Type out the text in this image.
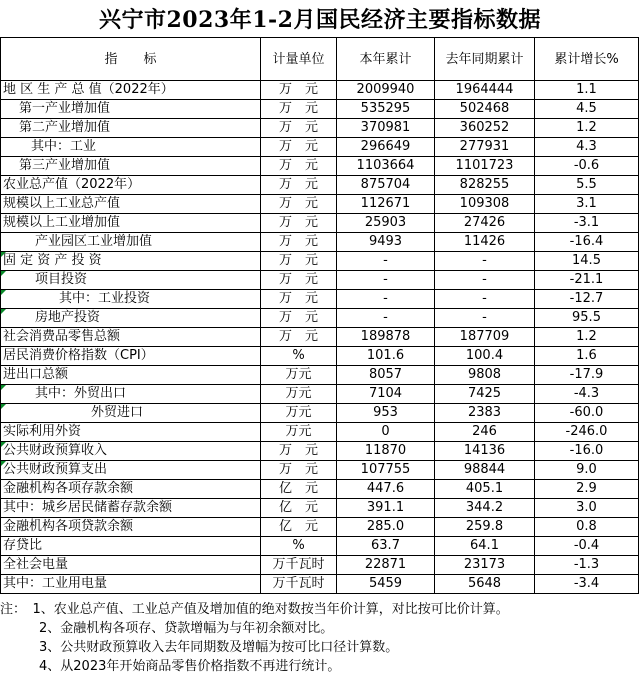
兴宁市2023年1-2月国民经济主要指标数据
指　　标	计量单位	本年累计	去年同期累计	累计增长%
地 区 生 产 总 值（2022年）	万　元	2009940	1964444	1.1
第一产业增加值	万　元	535295	502468	4.5
第二产业增加值	万　元	370981	360252	1.2
其中：工业	万　元	296649	277931	4.3
第三产业增加值	万　元	1103664	1101723	-0.6
农业总产值（2022年）	万　元	875704	828255	5.5
规模以上工业总产值	万　元	112671	109308	3.1
规模以上工业增加值	万　元	25903	27426	-3.1
产业园区工业增加值	万　元	9493	11426	-16.4
固 定 资 产 投 资	万　元	-	-	14.5
项目投资	万　元	-	-	-21.1
其中：工业投资	万　元	-	-	-12.7
房地产投资	万　元	-	-	95.5
社会消费品零售总额	万　元	189878	187709	1.2
居民消费价格指数（CPI）	%	101.6	100.4	1.6
进出口总额	万元	8057	9808	-17.9
其中：外贸出口	万元	7104	7425	-4.3
外贸进口	万元	953	2383	-60.0
实际利用外资	万元	0	246	-246.0
公共财政预算收入	万　元	11870	14136	-16.0
公共财政预算支出	万　元	107755	98844	9.0
金融机构各项存款余额	亿　元	447.6	405.1	2.9
其中：城乡居民储蓄存款余额	亿　元	391.1	344.2	3.0
金融机构各项贷款余额	亿　元	285.0	259.8	0.8
存贷比	%	63.7	64.1	-0.4
全社会电量	万千瓦时	22871	23173	-1.3
其中：工业用电量	万千瓦时	5459	5648	-3.4
注：　1、农业总产值、工业总产值及增加值的绝对数按当年价计算，对比按可比价计算。
　　　2、金融机构各项存、贷款增幅为与年初余额对比。
　　　3、公共财政预算收入去年同期数及增幅为按可比口径计算数。
　　　4、从2023年开始商品零售价格指数不再进行统计。
